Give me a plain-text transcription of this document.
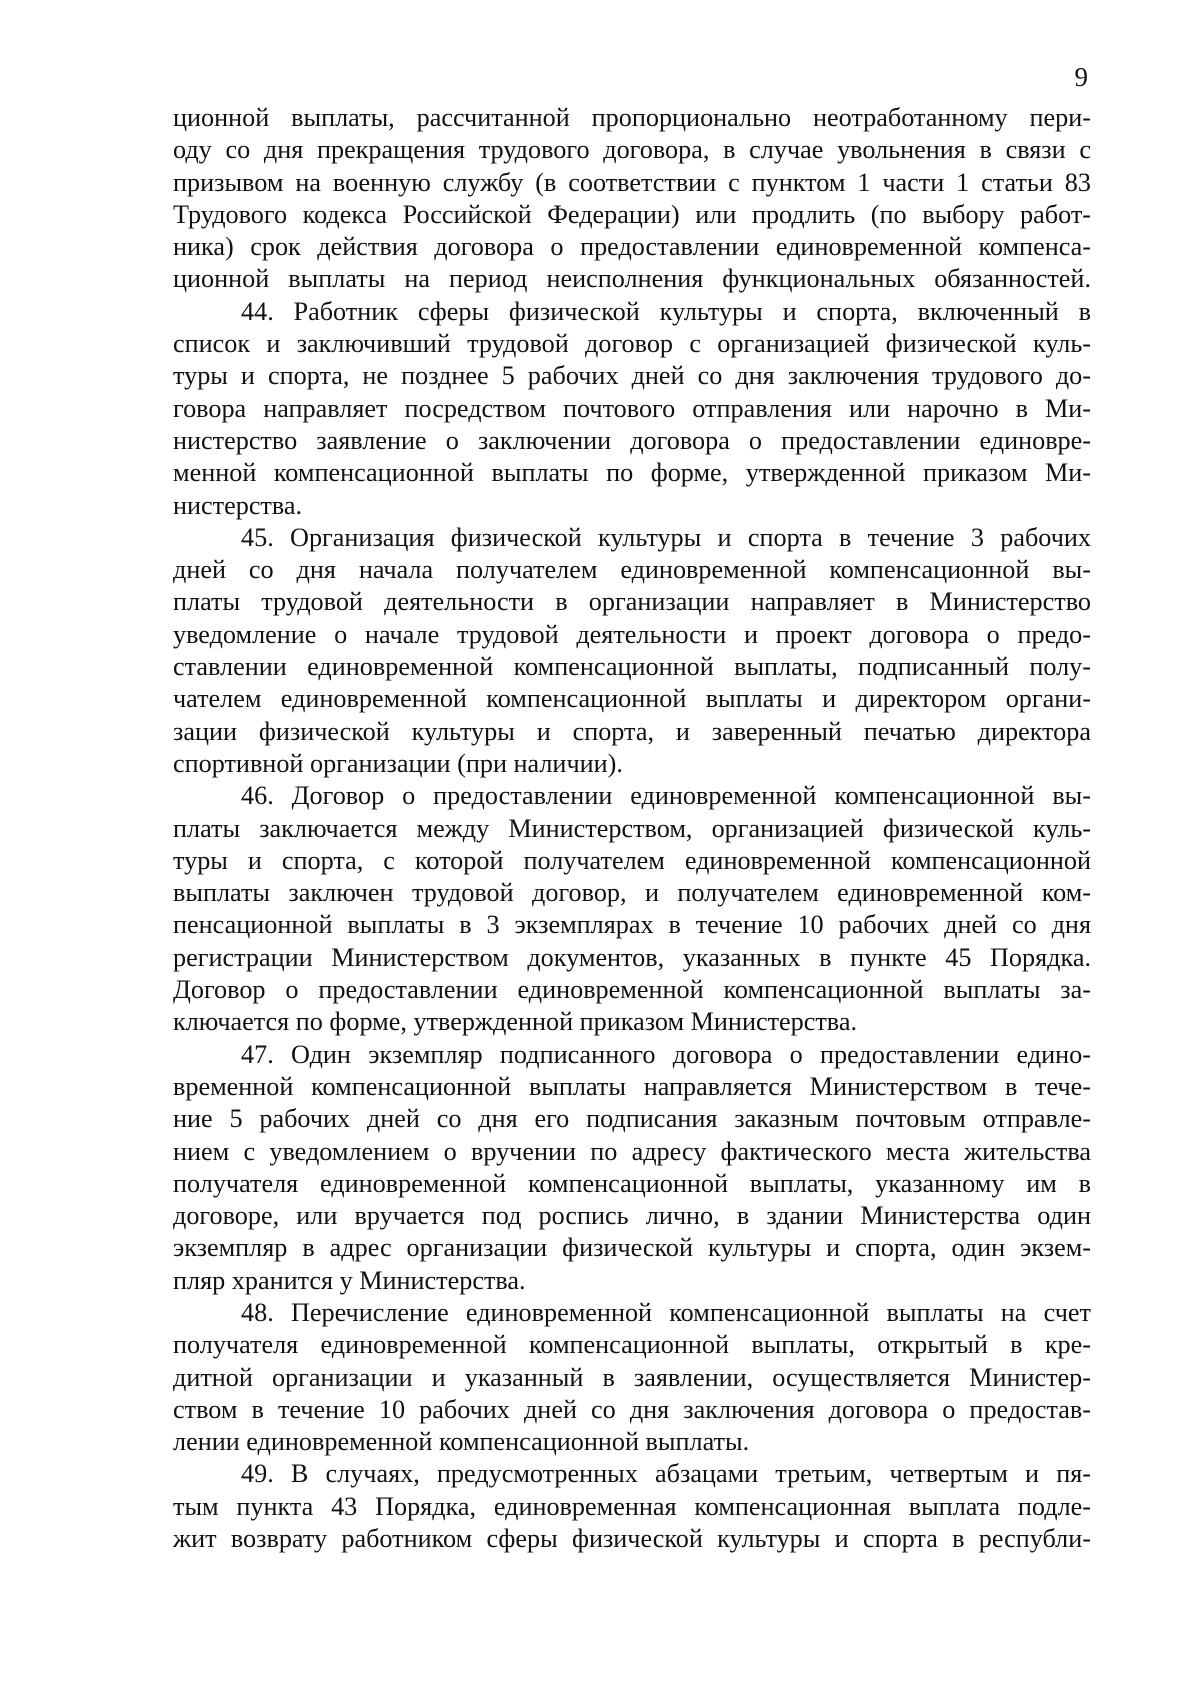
9
ционной выплаты, рассчитанной пропорционально неотработанному пери-
оду со дня прекращения трудового договора, в случае увольнения в связи с
призывом на военную службу (в соответствии с пунктом 1 части 1 статьи 83
Трудового кодекса Российской Федерации) или продлить (по выбору работ-
ника) срок действия договора о предоставлении единовременной компенса-
ционной выплаты на период неисполнения функциональных обязанностей.
44. Работник сферы физической культуры и спорта, включенный в
список и заключивший трудовой договор с организацией физической куль-
туры и спорта, не позднее 5 рабочих дней со дня заключения трудового до-
говора направляет посредством почтового отправления или нарочно в Ми-
нистерство заявление о заключении договора о предоставлении единовре-
менной компенсационной выплаты по форме, утвержденной приказом Ми-
нистерства.
45. Организация физической культуры и спорта в течение 3 рабочих
дней со дня начала получателем единовременной компенсационной вы-
платы трудовой деятельности в организации направляет в Министерство
уведомление о начале трудовой деятельности и проект договора о предо-
ставлении единовременной компенсационной выплаты, подписанный полу-
чателем единовременной компенсационной выплаты и директором органи-
зации физической культуры и спорта, и заверенный печатью директора
спортивной организации (при наличии).
46. Договор о предоставлении единовременной компенсационной вы-
платы заключается между Министерством, организацией физической куль-
туры и спорта, с которой получателем единовременной компенсационной
выплаты заключен трудовой договор, и получателем единовременной ком-
пенсационной выплаты в 3 экземплярах в течение 10 рабочих дней со дня
регистрации Министерством документов, указанных в пункте 45 Порядка.
Договор о предоставлении единовременной компенсационной выплаты за-
ключается по форме, утвержденной приказом Министерства.
47. Один экземпляр подписанного договора о предоставлении едино-
временной компенсационной выплаты направляется Министерством в тече-
ние 5 рабочих дней со дня его подписания заказным почтовым отправле-
нием с уведомлением о вручении по адресу фактического места жительства
получателя единовременной компенсационной выплаты, указанному им в
договоре, или вручается под роспись лично, в здании Министерства один
экземпляр в адрес организации физической культуры и спорта, один экзем-
пляр хранится у Министерства.
48. Перечисление единовременной компенсационной выплаты на счет
получателя единовременной компенсационной выплаты, открытый в кре-
дитной организации и указанный в заявлении, осуществляется Министер-
ством в течение 10 рабочих дней со дня заключения договора о предостав-
лении единовременной компенсационной выплаты.
49. В случаях, предусмотренных абзацами третьим, четвертым и пя-
тым пункта 43 Порядка, единовременная компенсационная выплата подле-
жит возврату работником сферы физической культуры и спорта в республи-
